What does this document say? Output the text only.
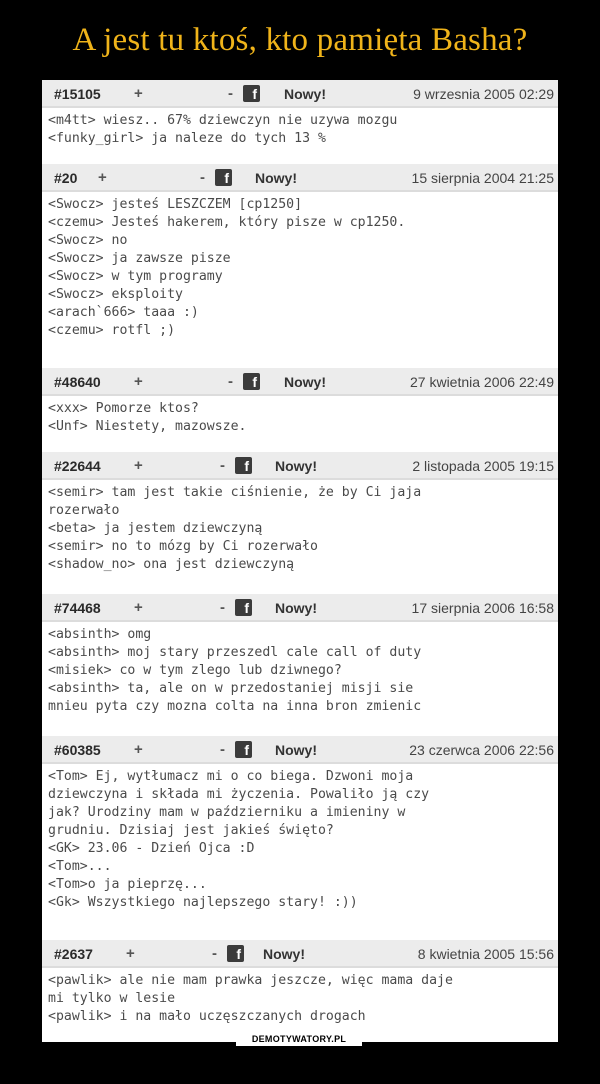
A jest tu ktoś, kto pamięta Basha?
#15105 +	-	f Nowy!	9 wrzesnia 2005 02:29
<m4tt> wiesz.. 67% dziewczyn nie uzywa mozgu
<funky_girl> ja naleze do tych 13 %
#20 +	-	f Nowy!	15 sierpnia 2004 21:25
<Swocz> jesteś LESZCZEM [cp1250]
<czemu> Jesteś hakerem, który pisze w cp1250.
<Swocz> no
<Swocz> ja zawsze pisze
<Swocz> w tym programy
<Swocz> eksploity
<arach`666> taaa :)
<czemu> rotfl ;)
#48640 +	-	f Nowy!	27 kwietnia 2006 22:49
<xxx> Pomorze ktos?
<Unf> Niestety, mazowsze.
#22644 +	-	f Nowy!	2 listopada 2005 19:15
<semir> tam jest takie ciśnienie, że by Ci jaja
rozerwało
<beta> ja jestem dziewczyną
<semir> no to mózg by Ci rozerwało
<shadow_no> ona jest dziewczyną
#74468 +	-	f Nowy!	17 sierpnia 2006 16:58
<absinth> omg
<absinth> moj stary przeszedl cale call of duty
<misiek> co w tym zlego lub dziwnego?
<absinth> ta, ale on w przedostaniej misji sie
mnieu pyta czy mozna colta na inna bron zmienic
#60385 +	-	f Nowy!	23 czerwca 2006 22:56
<Tom> Ej, wytłumacz mi o co biega. Dzwoni moja
dziewczyna i składa mi życzenia. Powaliło ją czy
jak? Urodziny mam w październiku a imieniny w
grudniu. Dzisiaj jest jakieś święto?
<GK> 23.06 - Dzień Ojca :D
<Tom>...
<Tom>o ja pieprzę...
<Gk> Wszystkiego najlepszego stary! :))
#2637 +	-	f Nowy!	8 kwietnia 2005 15:56
<pawlik> ale nie mam prawka jeszcze, więc mama daje
mi tylko w lesie
<pawlik> i na mało uczęszczanych drogach
DEMOTYWATORY.PL
